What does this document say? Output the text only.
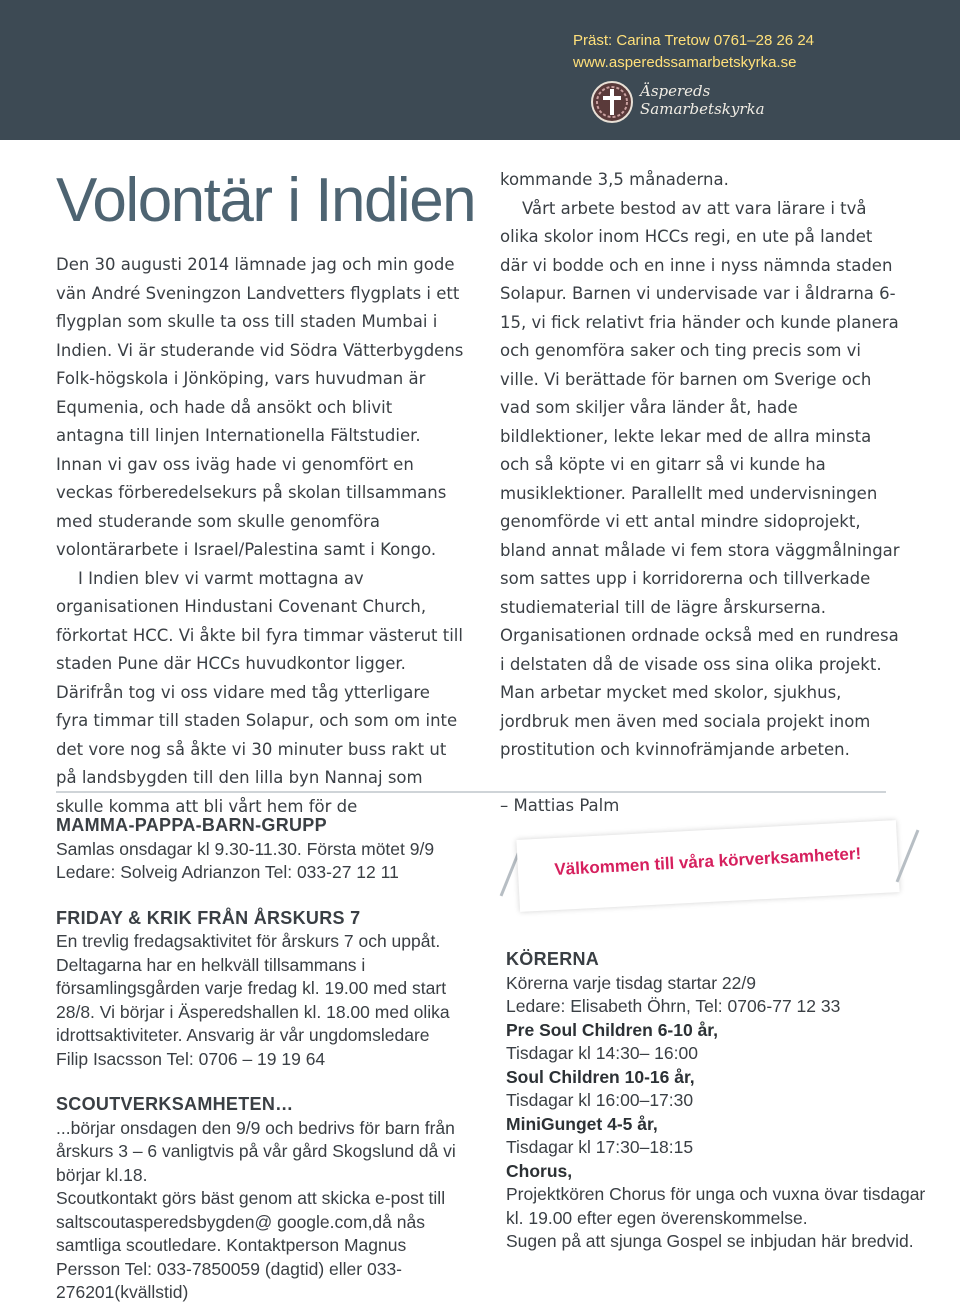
Präst: Carina Tretow 0761–28 26 24
www.asperedssamarbetskyrka.se
Äspereds
Samarbetskyrka
Volontär i Indien

Den 30 augusti 2014 lämnade jag och min gode vän André Sveningzon Landvetters flygplats i ett flygplan som skulle ta oss till staden Mumbai i Indien. Vi är studerande vid Södra Vätterbygdens Folk-högskola i Jönköping, vars huvudman är Equmenia, och hade då ansökt och blivit antagna till linjen Internationella Fältstudier. Innan vi gav oss iväg hade vi genomfört en veckas förberedelsekurs på skolan tillsammans med studerande som skulle genomföra volontärarbete i Israel/Palestina samt i Kongo.

I Indien blev vi varmt mottagna av organisationen Hindustani Covenant Church, förkortat HCC. Vi åkte bil fyra timmar västerut till staden Pune där HCCs huvudkontor ligger. Därifrån tog vi oss vidare med tåg ytterligare fyra timmar till staden Solapur, och som om inte det vore nog så åkte vi 30 minuter buss rakt ut på landsbygden till den lilla byn Nannaj som skulle komma att bli vårt hem för de

kommande 3,5 månaderna.

Vårt arbete bestod av att vara lärare i två olika skolor inom HCCs regi, en ute på landet där vi bodde och en inne i nyss nämnda staden Solapur. Barnen vi undervisade var i åldrarna 6-15, vi fick relativt fria händer och kunde planera och genomföra saker och ting precis som vi ville. Vi berättade för barnen om Sverige och vad som skiljer våra länder åt, hade bildlektioner, lekte lekar med de allra minsta och så köpte vi en gitarr så vi kunde ha musiklektioner. Parallellt med undervisningen genomförde vi ett antal mindre sidoprojekt, bland annat målade vi fem stora väggmålningar som sattes upp i korridorerna och tillverkade studiematerial till de lägre årskurserna. Organisationen ordnade också med en rundresa i delstaten då de visade oss sina olika projekt. Man arbetar mycket med skolor, sjukhus, jordbruk men även med sociala projekt inom prostitution och kvinnofrämjande arbeten.

– Mattias Palm

MAMMA-PAPPA-BARN-GRUPP

Samlas onsdagar kl 9.30-11.30. Första mötet 9/9

Ledare: Solveig Adrianzon Tel: 033-27 12 11

FRIDAY & KRIK FRÅN ÅRSKURS 7

En trevlig fredagsaktivitet för årskurs 7 och uppåt. Deltagarna har en helkväll tillsammans i församlingsgården varje fredag kl. 19.00 med start 28/8. Vi börjar i Äsperedshallen kl. 18.00 med olika idrottsaktiviteter. Ansvarig är vår ungdomsledare Filip Isacsson Tel: 0706 – 19 19 64

SCOUTVERKSAMHETEN…

...börjar onsdagen den 9/9 och bedrivs för barn från årskurs 3 – 6 vanligtvis på vår gård Skogslund då vi börjar kl.18.

Scoutkontakt görs bäst genom att skicka e-post till saltscoutasperedsbygden@ google.com,då nås samtliga scoutledare. Kontaktperson Magnus Persson Tel: 033-7850059 (dagtid) eller 033-276201(kvällstid)

Välkommen till våra körverksamheter!
KÖRERNA

Körerna varje tisdag startar 22/9

Ledare: Elisabeth Öhrn, Tel: 0706-77 12 33

Pre Soul Children 6-10 år,

Tisdagar kl 14:30– 16:00

Soul Children 10-16 år,

Tisdagar kl 16:00–17:30

MiniGunget 4-5 år,

Tisdagar kl 17:30–18:15

Chorus,

Projektkören Chorus för unga och vuxna övar tisdagar kl. 19.00 efter egen överenskommelse.

Sugen på att sjunga Gospel se inbjudan här bredvid.
